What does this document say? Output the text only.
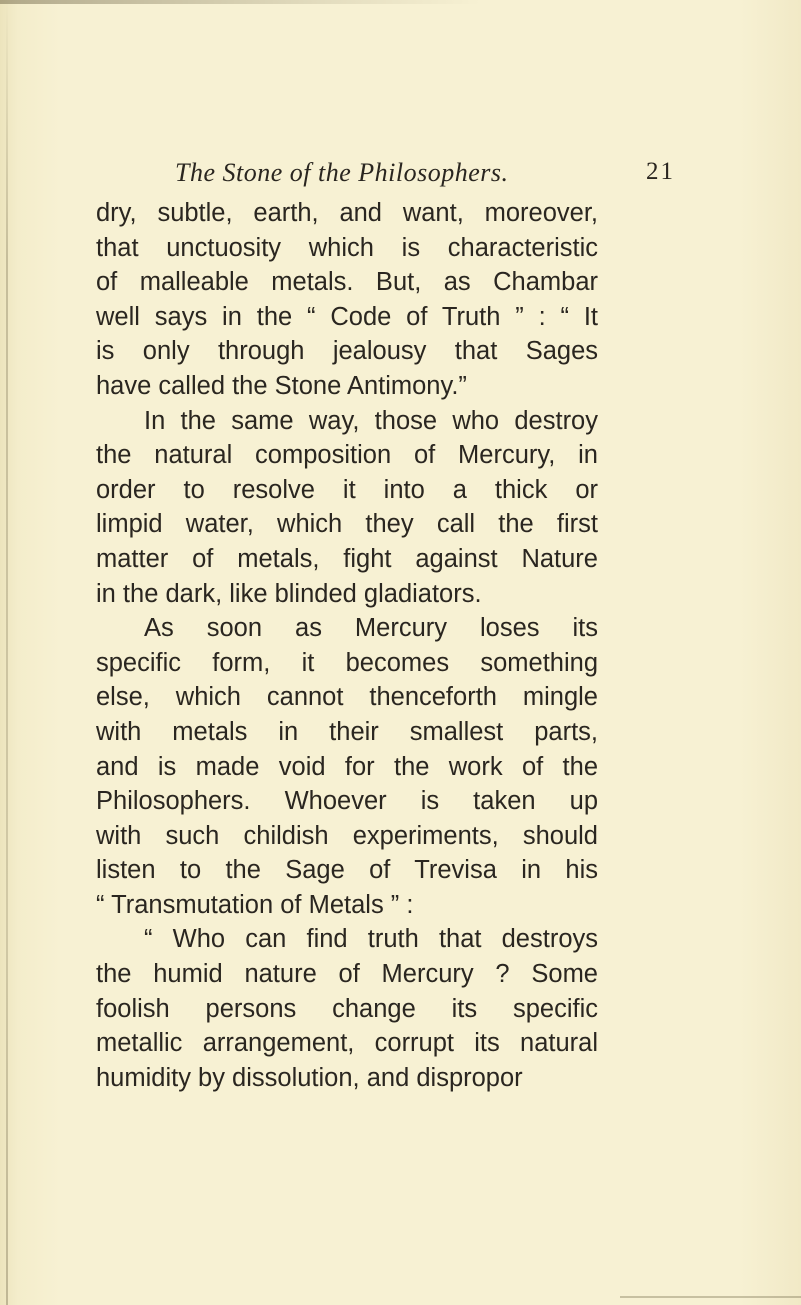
The Stone of the Philosophers.	21
dry, subtle, earth, and want, moreover,
that unctuosity which is characteristic
of malleable metals. But, as Chambar
well says in the “ Code of Truth ” : “ It
is only through jealousy that Sages
have called the Stone Antimony.”
In the same way, those who destroy
the natural composition of Mercury, in
order to resolve it into a thick or
limpid water, which they call the first
matter of metals, fight against Nature
in the dark, like blinded gladiators.
As soon as Mercury loses its
specific form, it becomes something
else, which cannot thenceforth mingle
with metals in their smallest parts,
and is made void for the work of the
Philosophers. Whoever is taken up
with such childish experiments, should
listen to the Sage of Trevisa in his
“ Transmutation of Metals ” :
“ Who can find truth that destroys
the humid nature of Mercury ? Some
foolish persons change its specific
metallic arrangement, corrupt its natural
humidity by dissolution, and dispropor
